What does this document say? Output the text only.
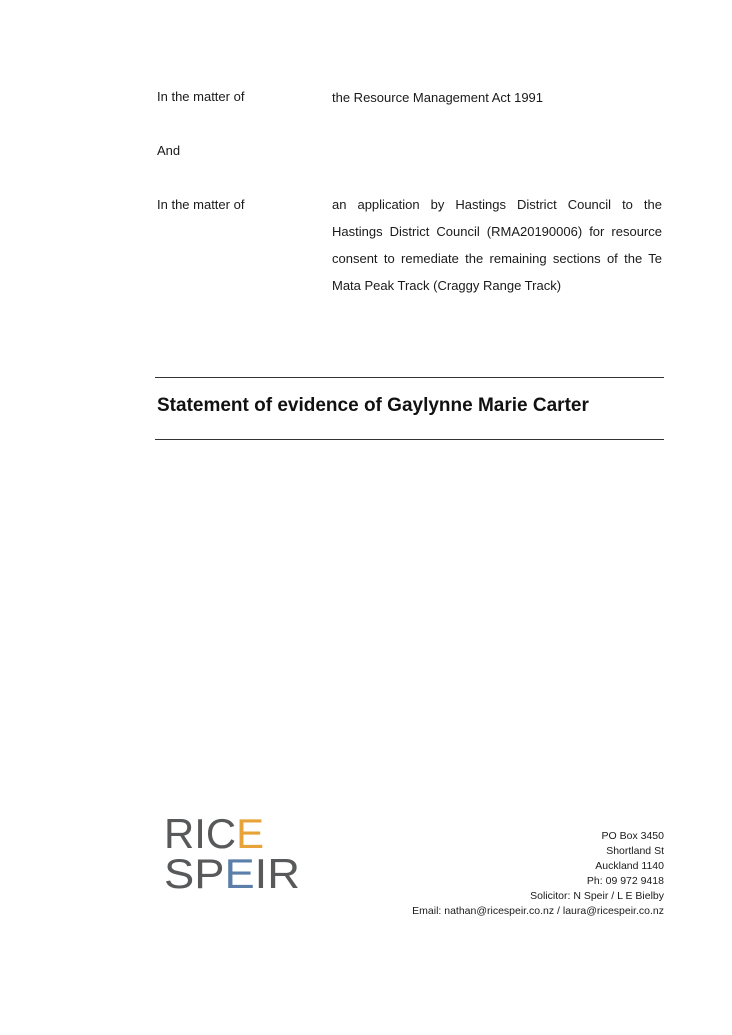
In the matter of	the Resource Management Act 1991
And
In the matter of	an application by Hastings District Council to the Hastings District Council (RMA20190006) for resource consent to remediate the remaining sections of the Te Mata Peak Track (Craggy Range Track)
Statement of evidence of Gaylynne Marie Carter
RICE
SP EIR
PO Box 3450
Shortland St
Auckland 1140
Ph: 09 972 9418
Solicitor: N Speir / L E Bielby
Email: nathan@ricespeir.co.nz / laura@ricespeir.co.nz
